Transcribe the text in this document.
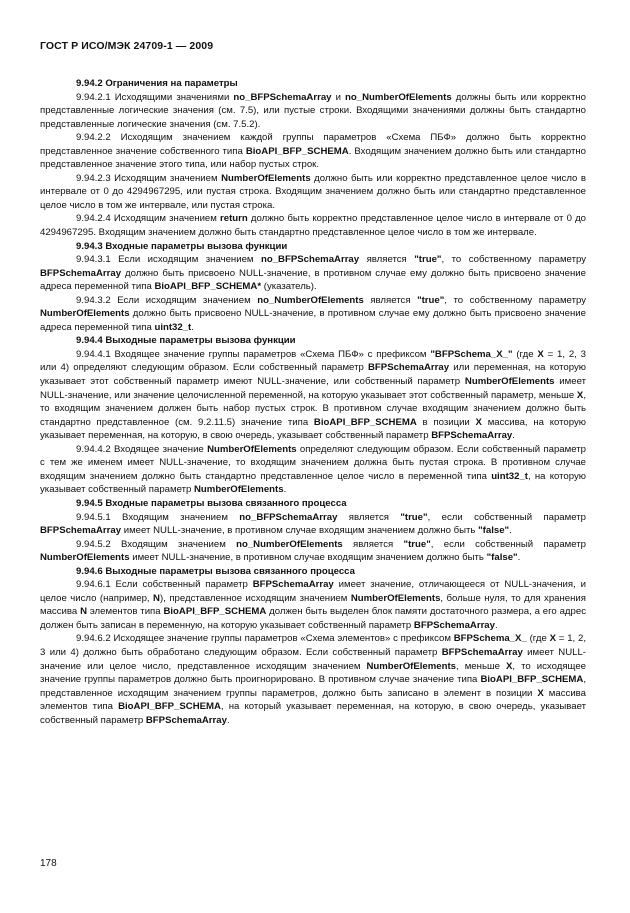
ГОСТ Р ИСО/МЭК 24709-1 — 2009

9.94.2 Ограничения на параметры

9.94.2.1 Исходящими значениями no_BFPSchemaArray и no_NumberOfElements должны быть или корректно представленные логические значения (см. 7.5), или пустые строки. Входящими значениями должны быть стандартно представленные логические значения (см. 7.5.2).

9.94.2.2 Исходящим значением каждой группы параметров «Схема ПБФ» должно быть корректно представленное значение собственного типа BioAPI_BFP_SCHEMA. Входящим значением должно быть или стандартно представленное значение этого типа, или набор пустых строк.

9.94.2.3 Исходящим значением NumberOfElements должно быть или корректно представленное целое число в интервале от 0 до 4294967295, или пустая строка. Входящим значением должно быть или стандартно представленное целое число в том же интервале, или пустая строка.

9.94.2.4 Исходящим значением return должно быть корректно представленное целое число в интервале от 0 до 4294967295. Входящим значением должно быть стандартно представленное целое число в том же интервале.

9.94.3 Входные параметры вызова функции

9.94.3.1 Если исходящим значением no_BFPSchemaArray является "true", то собственному параметру BFPSchemaArray должно быть присвоено NULL-значение, в противном случае ему должно быть присвоено значение адреса переменной типа BioAPI_BFP_SCHEMA* (указатель).

9.94.3.2 Если исходящим значением no_NumberOfElements является "true", то собственному параметру NumberOfElements должно быть присвоено NULL-значение, в противном случае ему должно быть присвоено значение адреса переменной типа uint32_t.

9.94.4 Выходные параметры вызова функции

9.94.4.1 Входящее значение группы параметров «Схема ПБФ» с префиксом "BFPSchema_X_" (где X = 1, 2, 3 или 4) определяют следующим образом. Если собственный параметр BFPSchemaArray или переменная, на которую указывает этот собственный параметр имеют NULL-значение, или собственный параметр NumberOfElements имеет NULL-значение, или значение целочисленной переменной, на которую указывает этот собственный параметр, меньше X, то входящим значением должен быть набор пустых строк. В противном случае входящим значением должно быть стандартно представленное (см. 9.2.11.5) значение типа BioAPI_BFP_SCHEMA в позиции X массива, на которую указывает переменная, на которую, в свою очередь, указывает собственный параметр BFPSchemaArray.

9.94.4.2 Входящее значение NumberOfElements определяют следующим образом. Если собственный параметр с тем же именем имеет NULL-значение, то входящим значением должна быть пустая строка. В противном случае входящим значением должно быть стандартно представленное целое число в переменной типа uint32_t, на которую указывает собственный параметр NumberOfElements.

9.94.5 Входные параметры вызова связанного процесса

9.94.5.1 Входящим значением no_BFPSchemaArray является "true", если собственный параметр BFPSchemaArray имеет NULL-значение, в противном случае входящим значением должно быть "false".

9.94.5.2 Входящим значением no_NumberOfElements является "true", если собственный параметр NumberOfElements имеет NULL-значение, в противном случае входящим значением должно быть "false".

9.94.6 Выходные параметры вызова связанного процесса

9.94.6.1 Если собственный параметр BFPSchemaArray имеет значение, отличающееся от NULL-значения, и целое число (например, N), представленное исходящим значением NumberOfElements, больше нуля, то для хранения массива N элементов типа BioAPI_BFP_SCHEMA должен быть выделен блок памяти достаточного размера, а его адрес должен быть записан в переменную, на которую указывает собственный параметр BFPSchemaArray.

9.94.6.2 Исходящее значение группы параметров «Схема элементов» с префиксом BFPSchema_X_ (где X = 1, 2, 3 или 4) должно быть обработано следующим образом. Если собственный параметр BFPSchemaArray имеет NULL-значение или целое число, представленное исходящим значением NumberOfElements, меньше X, то исходящее значение группы параметров должно быть проигнорировано. В противном случае значение типа BioAPI_BFP_SCHEMA, представленное исходящим значением группы параметров, должно быть записано в элемент в позиции X массива элементов типа BioAPI_BFP_SCHEMA, на который указывает переменная, на которую, в свою очередь, указывает собственный параметр BFPSchemaArray.

178
